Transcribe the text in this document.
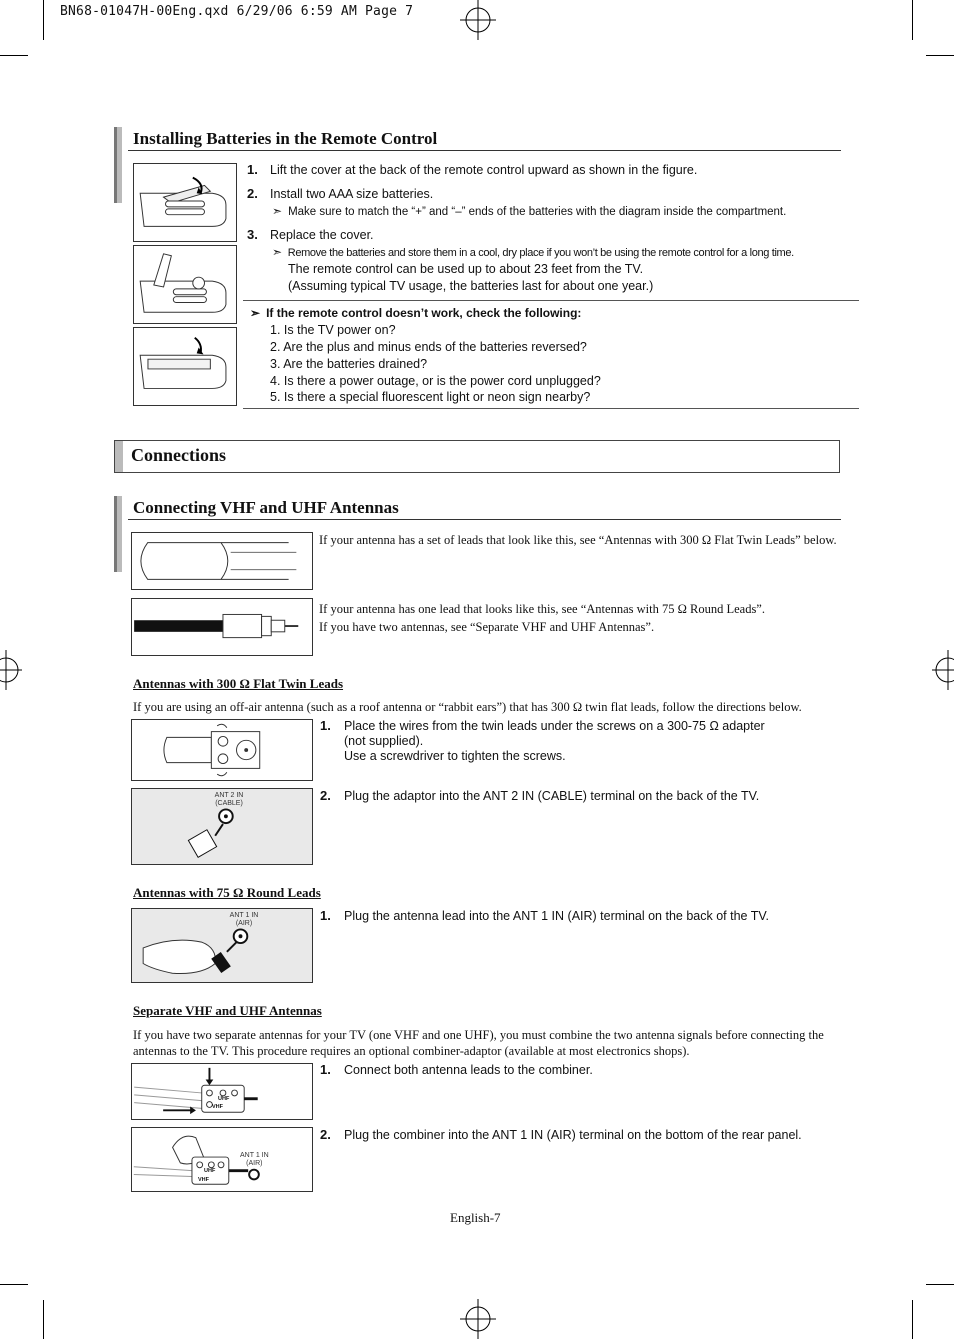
BN68-01047H-00Eng.qxd 6/29/06 6:59 AM Page 7
Installing Batteries in the Remote Control
1. Lift the cover at the back of the remote control upward as shown in the figure.
2. Install two AAA size batteries.
➣ Make sure to match the “+” and “–” ends of the batteries with the diagram inside the compartment.
3. Replace the cover.
➣ Remove the batteries and store them in a cool, dry place if you won’t be using the remote control for a long time.
The remote control can be used up to about 23 feet from the TV.
(Assuming typical TV usage, the batteries last for about one year.)
➣ If the remote control doesn’t work, check the following:
1. Is the TV power on?
2. Are the plus and minus ends of the batteries reversed?
3. Are the batteries drained?
4. Is there a power outage, or is the power cord unplugged?
5. Is there a special fluorescent light or neon sign nearby?
Connections
Connecting VHF and UHF Antennas
If your antenna has a set of leads that look like this, see “Antennas with 300 Ω Flat Twin Leads” below.
If your antenna has one lead that looks like this, see “Antennas with 75 Ω Round Leads”.
If you have two antennas, see “Separate VHF and UHF Antennas”.
Antennas with 300 Ω Flat Twin Leads
If you are using an off-air antenna (such as a roof antenna or “rabbit ears”) that has 300 Ω twin flat leads, follow the directions below.
1. Place the wires from the twin leads under the screws on a 300-75 Ω adapter
(not supplied).
Use a screwdriver to tighten the screws.
ANT 2 IN
(CABLE)
2. Plug the adaptor into the ANT 2 IN (CABLE) terminal on the back of the TV.
Antennas with 75 Ω Round Leads
ANT 1 IN
(AIR)
1. Plug the antenna lead into the ANT 1 IN (AIR) terminal on the back of the TV.
Separate VHF and UHF Antennas
If you have two separate antennas for your TV (one VHF and one UHF), you must combine the two antenna signals before connecting the antennas to the TV. This procedure requires an optional combiner-adaptor (available at most electronics shops).
UHF
VHF
1. Connect both antenna leads to the combiner.
UHF
VHF
ANT 1 IN
(AIR)
2. Plug the combiner into the ANT 1 IN (AIR) terminal on the bottom of the rear panel.
English-7
